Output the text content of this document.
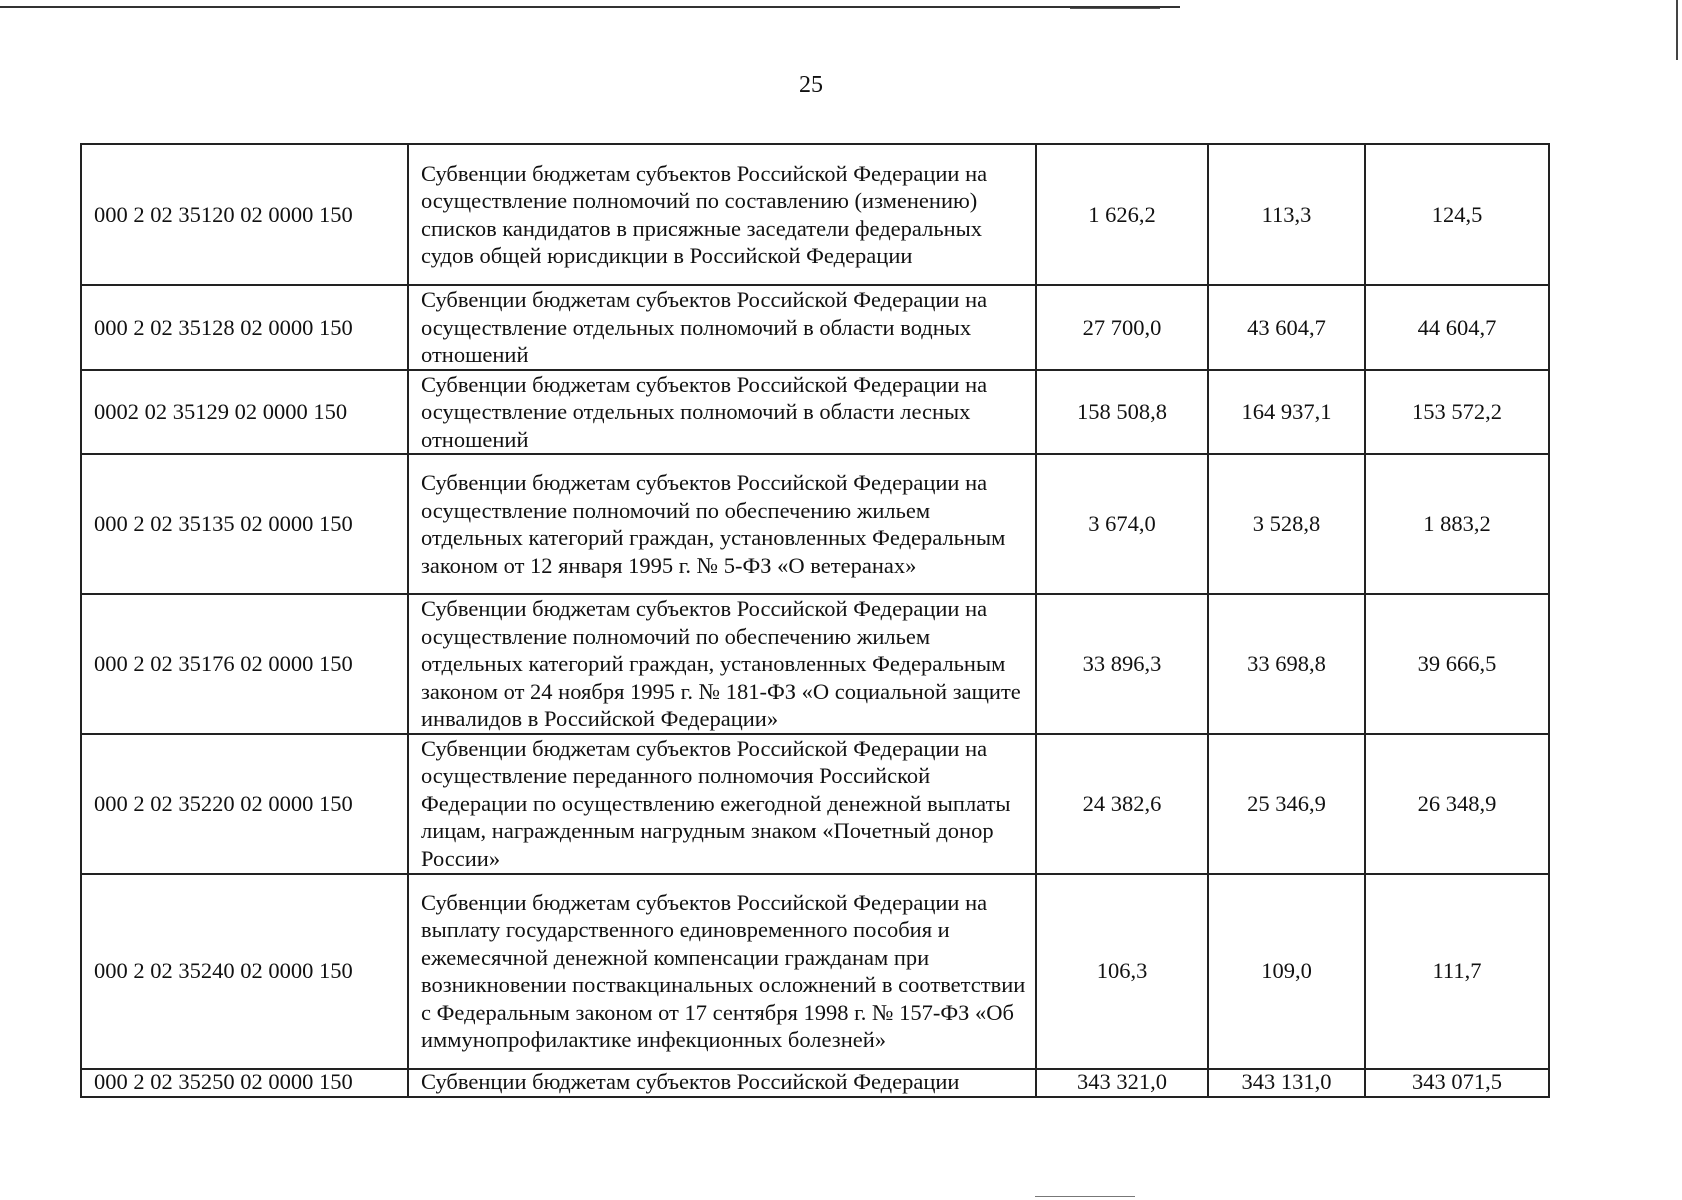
25
000 2 02 35120 02 0000 150	Субвенции бюджетам субъектов Российской Федерации на осуществление полномочий по составлению (изменению) списков кандидатов в присяжные заседатели федеральных судов общей юрисдикции в Российской Федерации	1 626,2	113,3	124,5
000 2 02 35128 02 0000 150	Субвенции бюджетам субъектов Российской Федерации на осуществление отдельных полномочий в области водных отношений	27 700,0	43 604,7	44 604,7
0002 02 35129 02 0000 150	Субвенции бюджетам субъектов Российской Федерации на осуществление отдельных полномочий в области лесных отношений	158 508,8	164 937,1	153 572,2
000 2 02 35135 02 0000 150	Субвенции бюджетам субъектов Российской Федерации на осуществление полномочий по обеспечению жильем отдельных категорий граждан, установленных Федеральным законом от 12 января 1995 г. № 5-ФЗ «О ветеранах»	3 674,0	3 528,8	1 883,2
000 2 02 35176 02 0000 150	Субвенции бюджетам субъектов Российской Федерации на осуществление полномочий по обеспечению жильем отдельных категорий граждан, установленных Федеральным законом от 24 ноября 1995 г. № 181-ФЗ «О социальной защите инвалидов в Российской Федерации»	33 896,3	33 698,8	39 666,5
000 2 02 35220 02 0000 150	Субвенции бюджетам субъектов Российской Федерации на осуществление переданного полномочия Российской Федерации по осуществлению ежегодной денежной выплаты лицам, награжденным нагрудным знаком «Почетный донор России»	24 382,6	25 346,9	26 348,9
000 2 02 35240 02 0000 150	Субвенции бюджетам субъектов Российской Федерации на выплату государственного единовременного пособия и ежемесячной денежной компенсации гражданам при возникновении поствакцинальных осложнений в соответствии с Федеральным законом от 17 сентября 1998 г. № 157-ФЗ «Об иммунопрофилактике инфекционных болезней»	106,3	109,0	111,7
000 2 02 35250 02 0000 150	Субвенции бюджетам субъектов Российской Федерации	343 321,0	343 131,0	343 071,5
